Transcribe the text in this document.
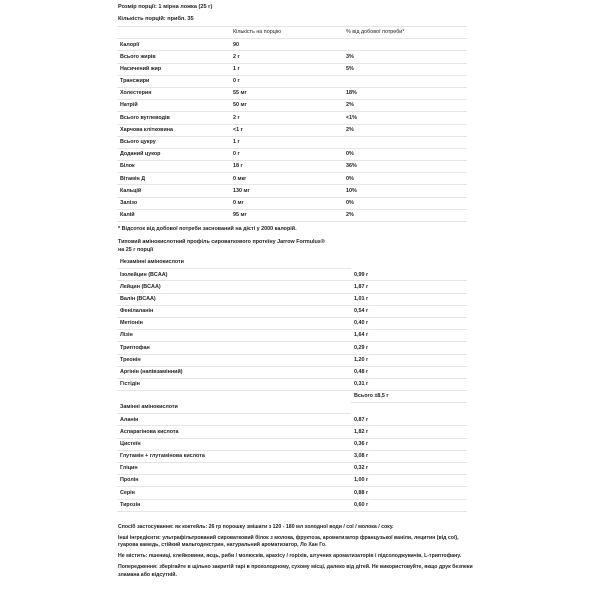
Розмір порції: 1 мірна ложка (25 г)
Кількість порцій: прибл. 35
	Кількість на порцію	% від добової потреби*
Калорії	90	
Всього жирів	2 г	3%
Насичений жир	1 г	5%
Трансжири	0 г	
Холестерин	55 мг	18%
Натрій	50 мг	2%
Всього вуглеводів	2 г	<1%
Харчова клітковина	<1 г	2%
Всього цукру	1 г	
Доданий цукор	0 г	0%
Білок	18 г	36%
Вітамін Д	0 мкг	0%
Кальцій	130 мг	10%
Залізо	0 мг	0%
Калій	95 мг	2%
* Відсоток від добової потреби заснований на дієті у 2000 калорій.
Типовий амінокислотний профіль сироваткового протеїну Jarrow Formulus®
на 25 г порції
Незамінні амінокислоти	
Ізолейцин (BCAA)	0,99 г
Лейцин (BCAA)	1,87 г
Валін (BCAA)	1,01 г
Фенілаланін	0,54 г
Метіонін	0,40 г
Лізін	1,64 г
Триптофан	0,29 г
Треонін	1,20 г
Аргінін (напівзамінний)	0,48 г
Гістідін	0,31 г
	Всього ±8,5 г
Замінні амінокислоти	
Аланін	0,87 г
Аспарагінова кислота	1,82 г
Цистеїн	0,36 г
Глутамін + глутамінова кислота	3,08 г
Гліцин	0,32 г
Пролін	1,00 г
Серін	0,88 г
Тирозін	0,60 г

Спосіб застосування: як коктейль: 26 гр порошку змішати з 120 - 180 мл холодної води / сої / молока / соку.

Інші інгредієнти: ультрафільтрований сироватковий білок з молока, фруктоза, ароматизатор французької ваніли, лецитин (від сої), гуарова камедь, стійкий мальтодекстрин, натуральний ароматизатор, Ло Хан Го.

Не містить: пшениці, клейковини, яєць, риби / молюсків, арахісу / горіхів, штучних ароматизаторів і підсолоджувачів, L-триптофану.

Попередження: зберігайте в щільно закритій тарі в прохолодному, сухому місці, далеко від дітей. Не використовуйте, якщо друк безпеки зламана або відсутній.
